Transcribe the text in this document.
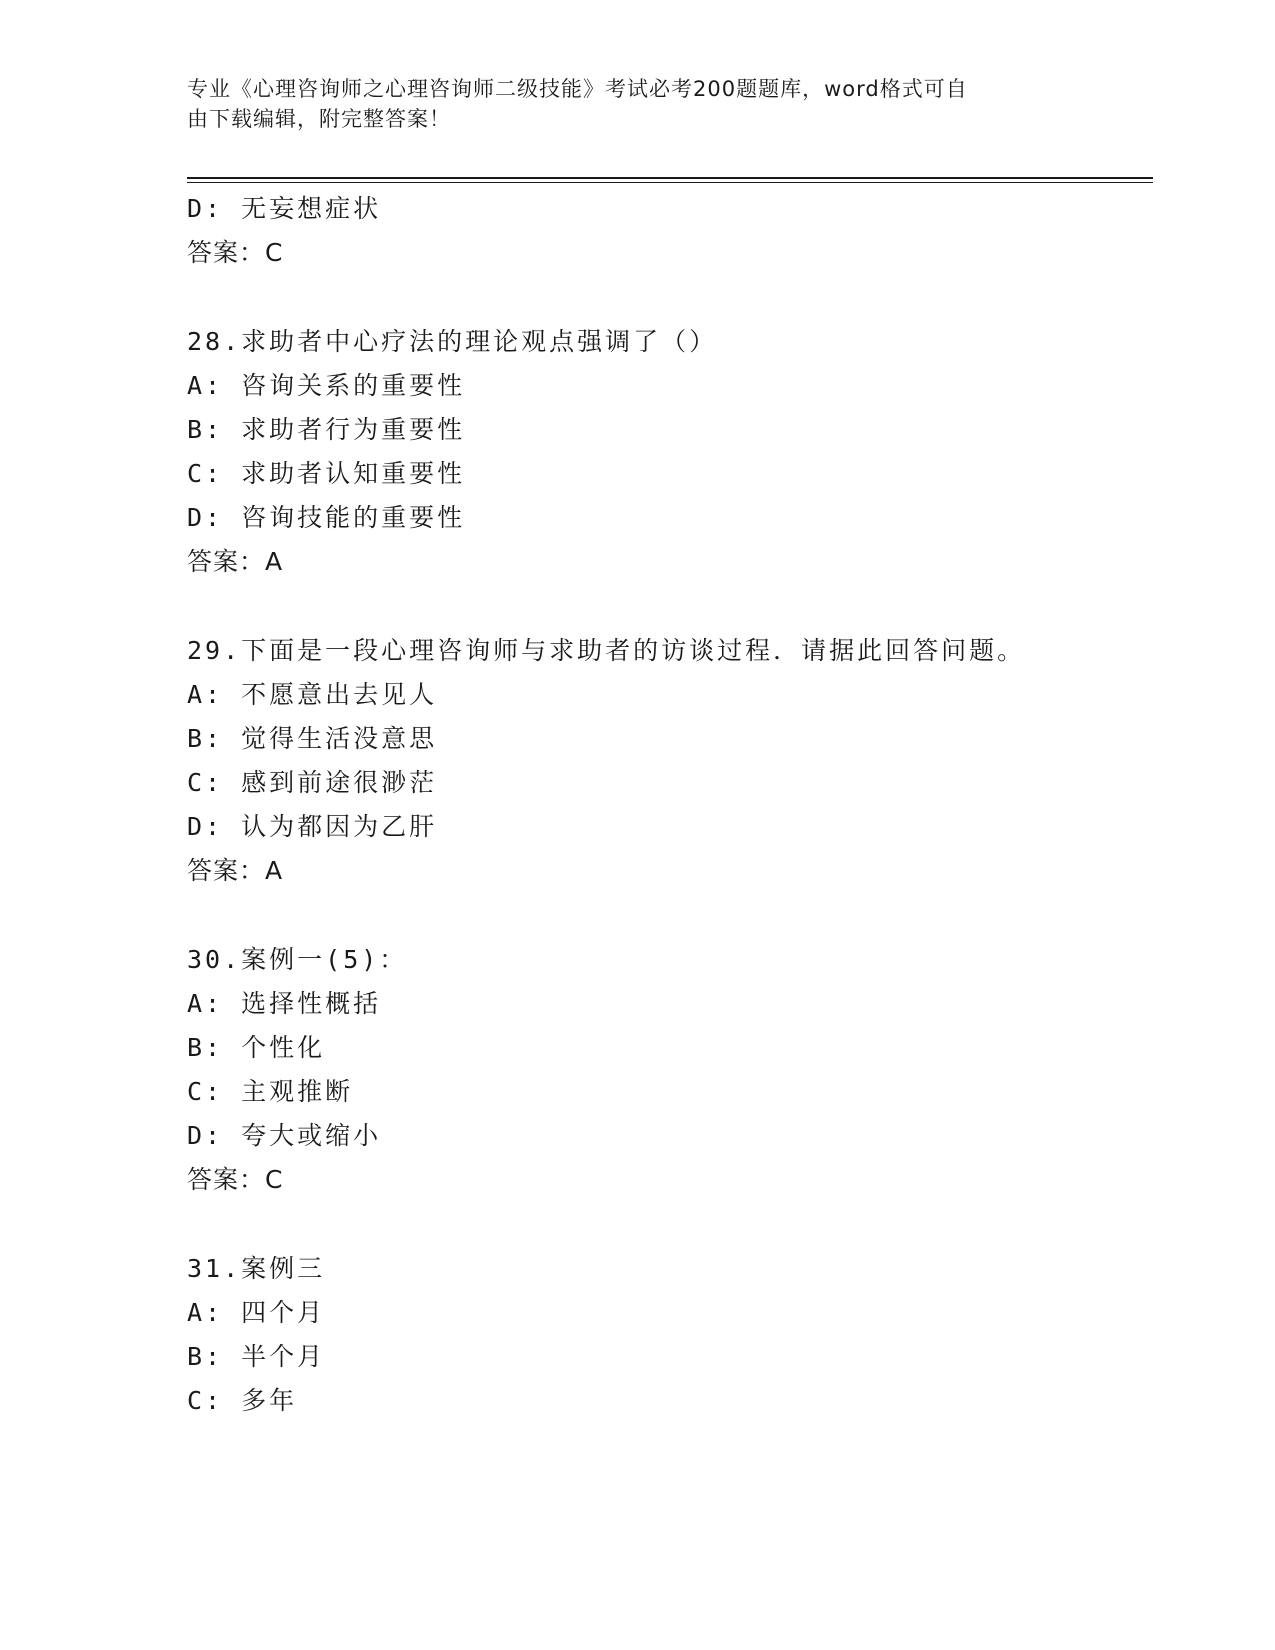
专业《心理咨询师之心理咨询师二级技能》考试必考200题题库，word格式可自
由下载编辑，附完整答案！
D: 无妄想症状
答案：C
28.求助者中心疗法的理论观点强调了（）
A: 咨询关系的重要性
B: 求助者行为重要性
C: 求助者认知重要性
D: 咨询技能的重要性
答案：A
29.下面是一段心理咨询师与求助者的访谈过程．请据此回答问题。
A: 不愿意出去见人
B: 觉得生活没意思
C: 感到前途很渺茫
D: 认为都因为乙肝
答案：A
30.案例一(5)：
A: 选择性概括
B: 个性化
C: 主观推断
D: 夸大或缩小
答案：C
31.案例三
A: 四个月
B: 半个月
C: 多年
